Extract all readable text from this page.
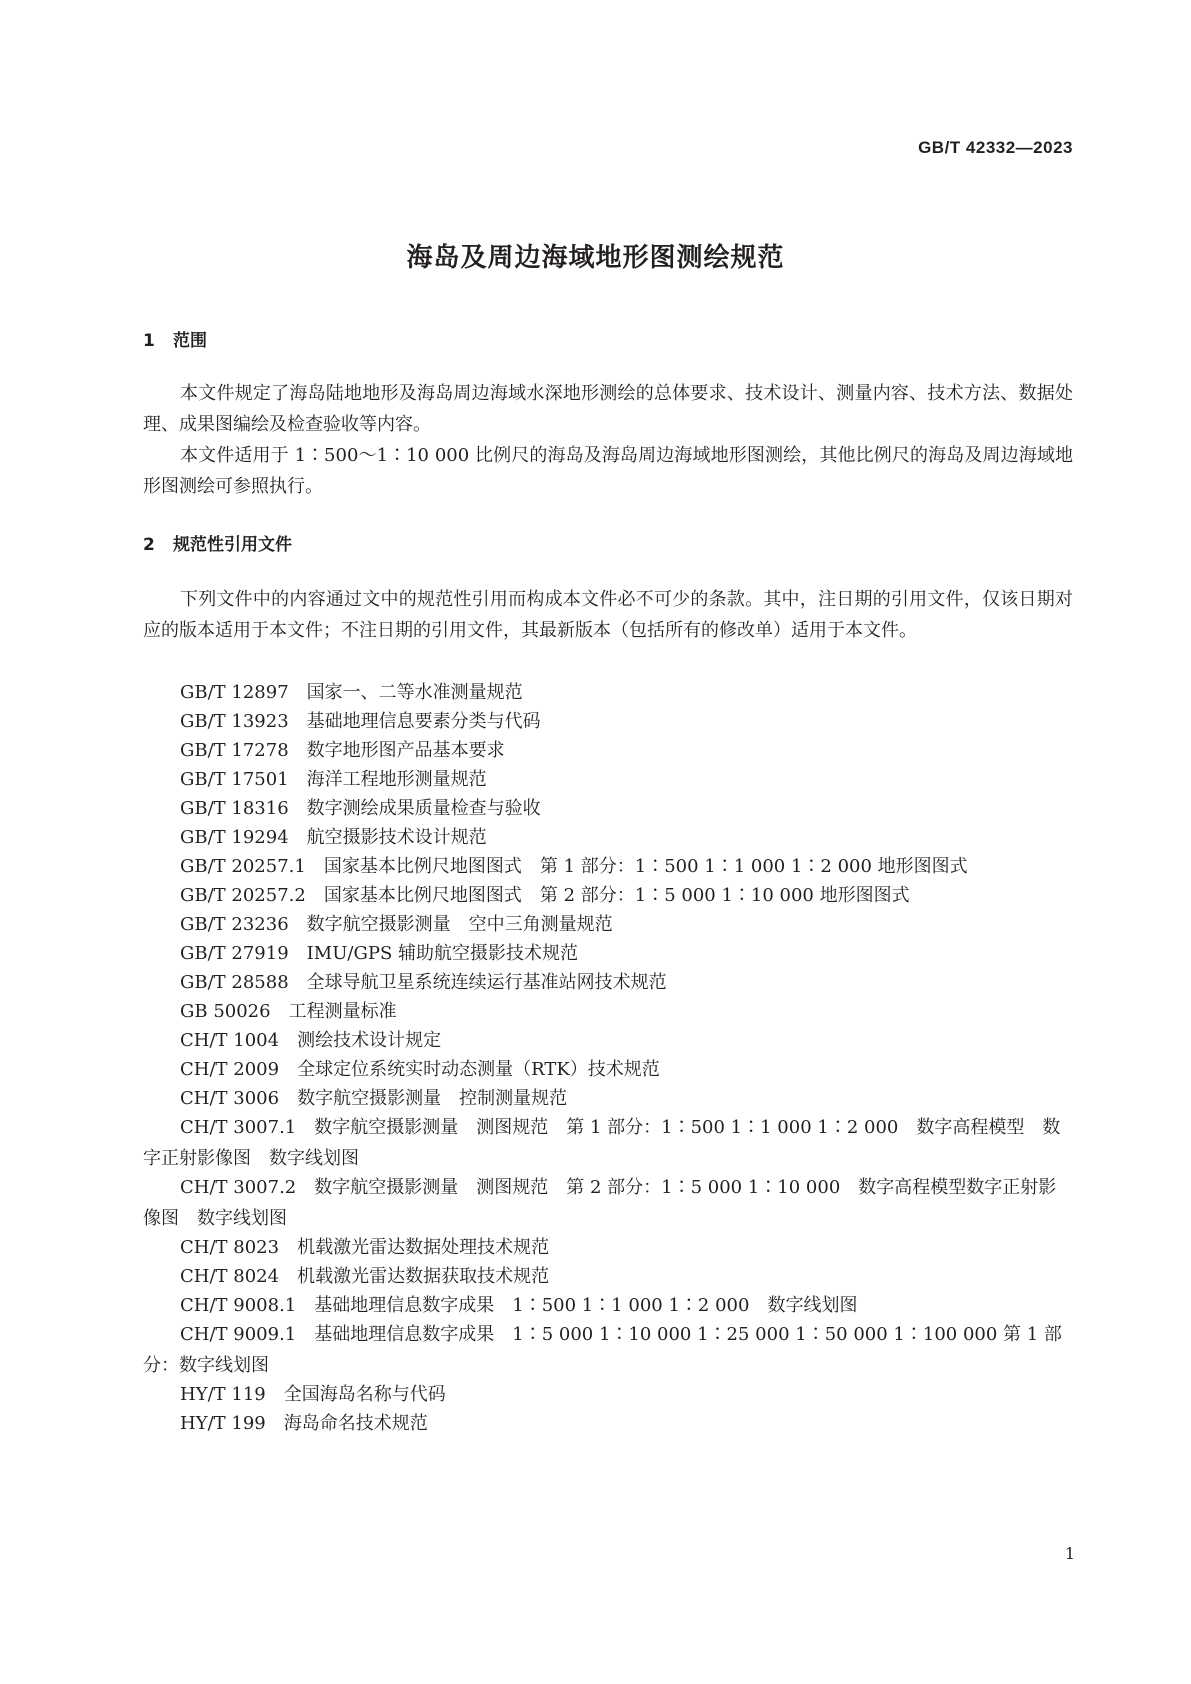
GB/T 42332—2023
海岛及周边海域地形图测绘规范
1 范围

本文件规定了海岛陆地地形及海岛周边海域水深地形测绘的总体要求、技术设计、测量内容、技术方法、数据处理、成果图编绘及检查验收等内容。

本文件适用于 1∶500～1∶10 000 比例尺的海岛及海岛周边海域地形图测绘，其他比例尺的海岛及周边海域地形图测绘可参照执行。

2 规范性引用文件

下列文件中的内容通过文中的规范性引用而构成本文件必不可少的条款。其中，注日期的引用文件，仅该日期对应的版本适用于本文件；不注日期的引用文件，其最新版本（包括所有的修改单）适用于本文件。

GB/T 12897 国家一、二等水准测量规范

GB/T 13923 基础地理信息要素分类与代码

GB/T 17278 数字地形图产品基本要求

GB/T 17501 海洋工程地形测量规范

GB/T 18316 数字测绘成果质量检查与验收

GB/T 19294 航空摄影技术设计规范

GB/T 20257.1 国家基本比例尺地图图式　第 1 部分：1∶500 1∶1 000 1∶2 000 地形图图式

GB/T 20257.2 国家基本比例尺地图图式　第 2 部分：1∶5 000 1∶10 000 地形图图式

GB/T 23236 数字航空摄影测量　空中三角测量规范

GB/T 27919 IMU/GPS 辅助航空摄影技术规范

GB/T 28588 全球导航卫星系统连续运行基准站网技术规范

GB 50026 工程测量标准

CH/T 1004 测绘技术设计规定

CH/T 2009 全球定位系统实时动态测量（RTK）技术规范

CH/T 3006 数字航空摄影测量　控制测量规范

CH/T 3007.1 数字航空摄影测量　测图规范　第 1 部分：1∶500 1∶1 000 1∶2 000　数字高程模型　数字正射影像图　数字线划图

CH/T 3007.2 数字航空摄影测量　测图规范　第 2 部分：1∶5 000 1∶10 000　数字高程模型数字正射影像图　数字线划图

CH/T 8023 机载激光雷达数据处理技术规范

CH/T 8024 机载激光雷达数据获取技术规范

CH/T 9008.1 基础地理信息数字成果　1∶500 1∶1 000 1∶2 000　数字线划图

CH/T 9009.1 基础地理信息数字成果　1∶5 000 1∶10 000 1∶25 000 1∶50 000 1∶100 000 第 1 部分：数字线划图

HY/T 119 全国海岛名称与代码

HY/T 199 海岛命名技术规范

1
